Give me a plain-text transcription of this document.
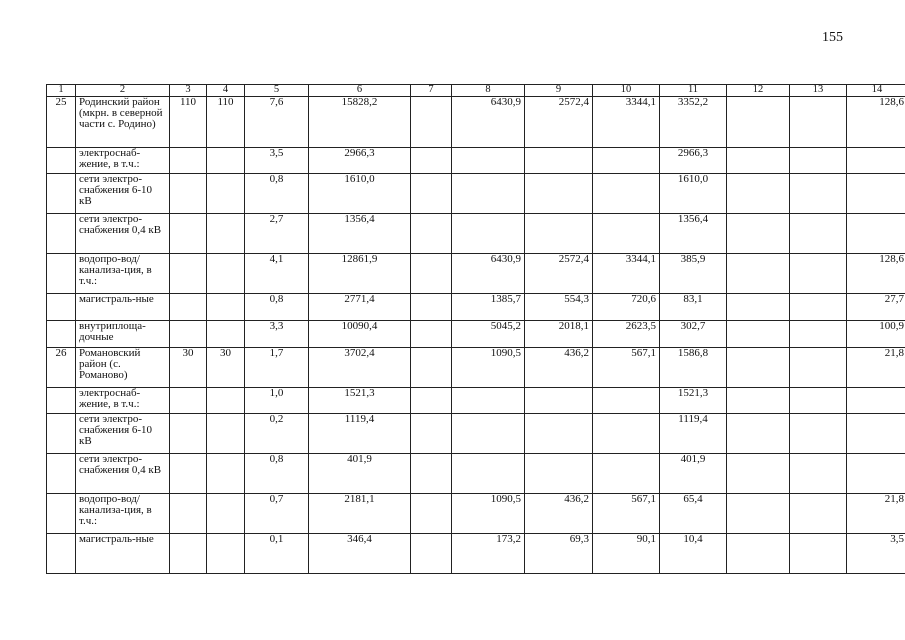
155
1	2	3	4	5	6	7	8	9	10	11	12	13	14
25	Родинский район (мкрн. в северной части с. Родино)	110	110	7,6	15828,2		6430,9	2572,4	3344,1	3352,2			128,6
	электроснаб-жение, в т.ч.:			3,5	2966,3					2966,3			
	сети электро-снабжения 6-10 кВ			0,8	1610,0					1610,0			
	сети электро-снабжения 0,4 кВ			2,7	1356,4					1356,4			
	водопро-вод/канализа-ция, в т.ч.:			4,1	12861,9		6430,9	2572,4	3344,1	385,9			128,6
	магистраль-ные			0,8	2771,4		1385,7	554,3	720,6	83,1			27,7
	внутриплоща-дочные			3,3	10090,4		5045,2	2018,1	2623,5	302,7			100,9
26	Романовский район (с. Романово)	30	30	1,7	3702,4		1090,5	436,2	567,1	1586,8			21,8
	электроснаб-жение, в т.ч.:			1,0	1521,3					1521,3			
	сети электро-снабжения 6-10 кВ			0,2	1119,4					1119,4			
	сети электро-снабжения 0,4 кВ			0,8	401,9					401,9			
	водопро-вод/канализа-ция, в т.ч.:			0,7	2181,1		1090,5	436,2	567,1	65,4			21,8
	магистраль-ные			0,1	346,4		173,2	69,3	90,1	10,4			3,5
